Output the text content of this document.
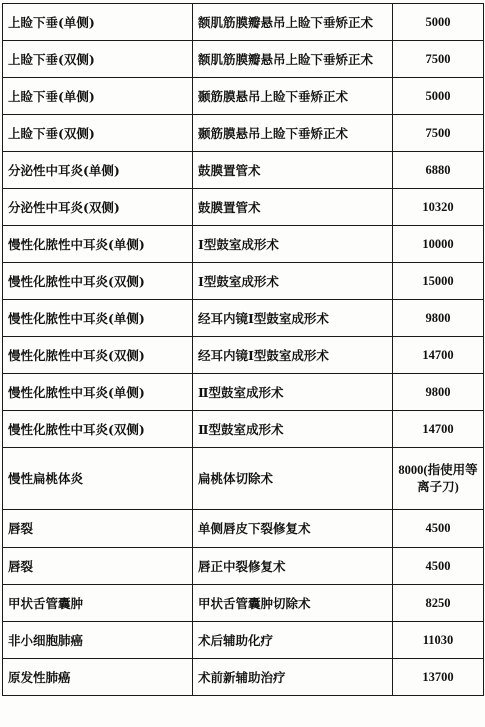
上睑下垂(单侧)	额肌筋膜瓣悬吊上睑下垂矫正术	5000
上睑下垂(双侧)	额肌筋膜瓣悬吊上睑下垂矫正术	7500
上睑下垂(单侧)	颞筋膜悬吊上睑下垂矫正术	5000
上睑下垂(双侧)	颞筋膜悬吊上睑下垂矫正术	7500
分泌性中耳炎(单侧)	鼓膜置管术	6880
分泌性中耳炎(双侧)	鼓膜置管术	10320
慢性化脓性中耳炎(单侧)	Ⅰ型鼓室成形术	10000
慢性化脓性中耳炎(双侧)	Ⅰ型鼓室成形术	15000
慢性化脓性中耳炎(单侧)	经耳内镜Ⅰ型鼓室成形术	9800
慢性化脓性中耳炎(双侧)	经耳内镜Ⅰ型鼓室成形术	14700
慢性化脓性中耳炎(单侧)	Ⅱ型鼓室成形术	9800
慢性化脓性中耳炎(双侧)	Ⅱ型鼓室成形术	14700
慢性扁桃体炎	扁桃体切除术	8000(指使用等离子刀)
唇裂	单侧唇皮下裂修复术	4500
唇裂	唇正中裂修复术	4500
甲状舌管囊肿	甲状舌管囊肿切除术	8250
非小细胞肺癌	术后辅助化疗	11030
原发性肺癌	术前新辅助治疗	13700
